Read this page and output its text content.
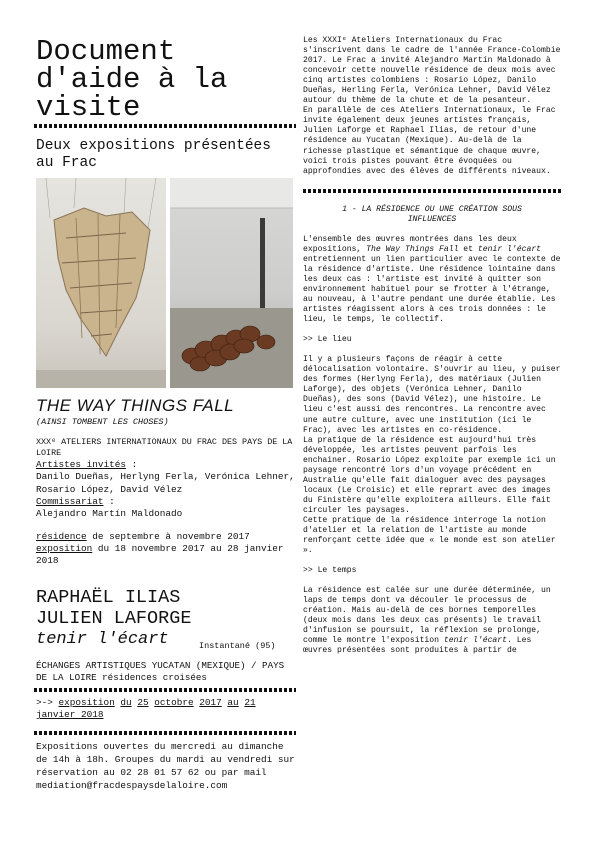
Document d'aide à la visite
Deux expositions présentées au Frac
THE WAY THINGS FALL
(AINSI TOMBENT LES CHOSES)

XXXᵉ ATELIERS INTERNATIONAUX DU FRAC DES PAYS DE LA LOIRE

Artistes invités :

Danilo Dueñas, Herlyng Ferla, Verónica Lehner, Rosario López, David Vélez

Commissariat :

Alejandro Martín Maldonado

résidence de septembre à novembre 2017

exposition du 18 novembre 2017 au 28 janvier 2018

RAPHAËL ILIAS

JULIEN LAFORGE

tenir l'écart	Instantané (95)
ÉCHANGES ARTISTIQUES YUCATAN (MEXIQUE) / PAYS DE LA LOIRE résidences croisées
>-> exposition du 25 octobre 2017 au 21 janvier 2018
Expositions ouvertes du mercredi au dimanche de 14h à 18h. Groupes du mardi au vendredi sur réservation au 02 28 01 57 62 ou par mail mediation@fracdespaysdelaloire.com

Les XXXIᵉ Ateliers Internationaux du Frac s'inscrivent dans le cadre de l'année France-Colombie 2017. Le Frac a invité Alejandro Martín Maldonado à concevoir cette nouvelle résidence de deux mois avec cinq artistes colombiens : Rosario López, Danilo Dueñas, Herling Ferla, Verónica Lehner, David Vélez autour du thème de la chute et de la pesanteur.

En parallèle de ces Ateliers Internationaux, le Frac invite également deux jeunes artistes français, Julien Laforge et Raphael Ilias, de retour d'une résidence au Yucatan (Mexique). Au-delà de la richesse plastique et sémantique de chaque œuvre, voici trois pistes pouvant être évoquées ou approfondies avec des élèves de différents niveaux.

1 - LA RÉSIDENCE OU UNE CRÉATION SOUS INFLUENCES

L'ensemble des œuvres montrées dans les deux expositions, The Way Things Fall et tenir l'écart entretiennent un lien particulier avec le contexte de la résidence d'artiste. Une résidence lointaine dans les deux cas : l'artiste est invité à quitter son environnement habituel pour se frotter à l'étrange, au nouveau, à l'autre pendant une durée établie. Les artistes réagissent alors à ces trois données : le lieu, le temps, le collectif.

>> Le lieu

Il y a plusieurs façons de réagir à cette délocalisation volontaire. S'ouvrir au lieu, y puiser des formes (Herlyng Ferla), des matériaux (Julien Laforge), des objets (Verónica Lehner, Danilo Dueñas), des sons (David Vélez), une histoire. Le lieu c'est aussi des rencontres. La rencontre avec une autre culture, avec une institution (ici le Frac), avec les artistes en co-résidence.

La pratique de la résidence est aujourd'hui très développée, les artistes peuvent parfois les enchainer. Rosario López exploite par exemple ici un paysage rencontré lors d'un voyage précédent en Australie qu'elle fait dialoguer avec des paysages locaux (Le Croisic) et elle reprart avec des images du Finistère qu'elle exploitera ailleurs. Elle fait circuler les paysages.

Cette pratique de la résidence interroge la notion d'atelier et la relation de l'artiste au monde renforçant cette idée que « le monde est son atelier ».

>> Le temps

La résidence est calée sur une durée déterminée, un laps de temps dont va découler le processus de création. Mais au-delà de ces bornes temporelles (deux mois dans les deux cas présents) le travail d'infusion se poursuit, la réflexion se prolonge, comme le montre l'exposition tenir l'écart. Les œuvres présentées sont produites à partir de
